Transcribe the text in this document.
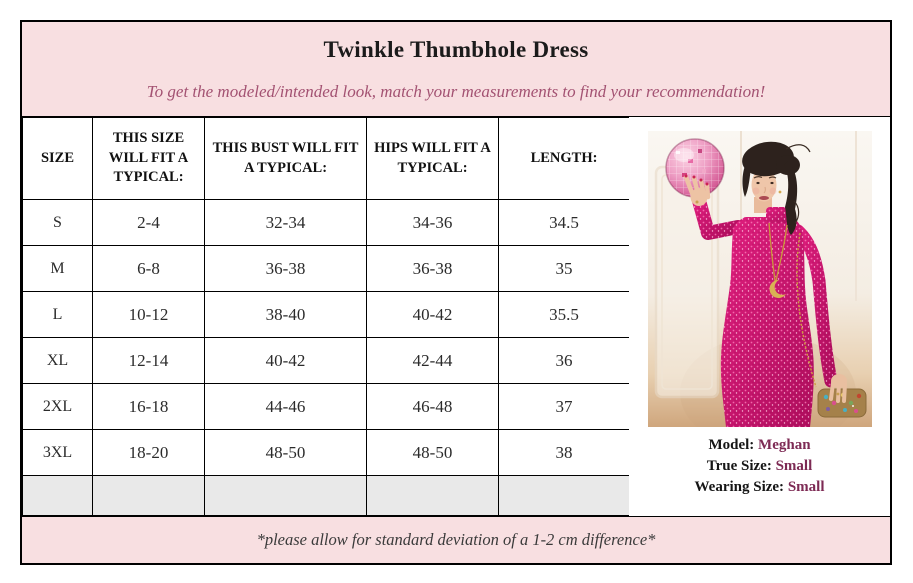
Twinkle Thumbhole Dress
To get the modeled/intended look, match your measurements to find your recommendation!
SIZE	THIS SIZE WILL FIT A TYPICAL:	THIS BUST WILL FIT A TYPICAL:	HIPS WILL FIT A TYPICAL:	LENGTH:
S	2-4	32-34	34-36	34.5
M	6-8	36-38	36-38	35
L	10-12	38-40	40-42	35.5
XL	12-14	40-42	42-44	36
2XL	16-18	44-46	46-48	37
3XL	18-20	48-50	48-50	38
					Model: Meghan
True Size: Small
Wearing Size: Small
*please allow for standard deviation of a 1-2 cm difference*
